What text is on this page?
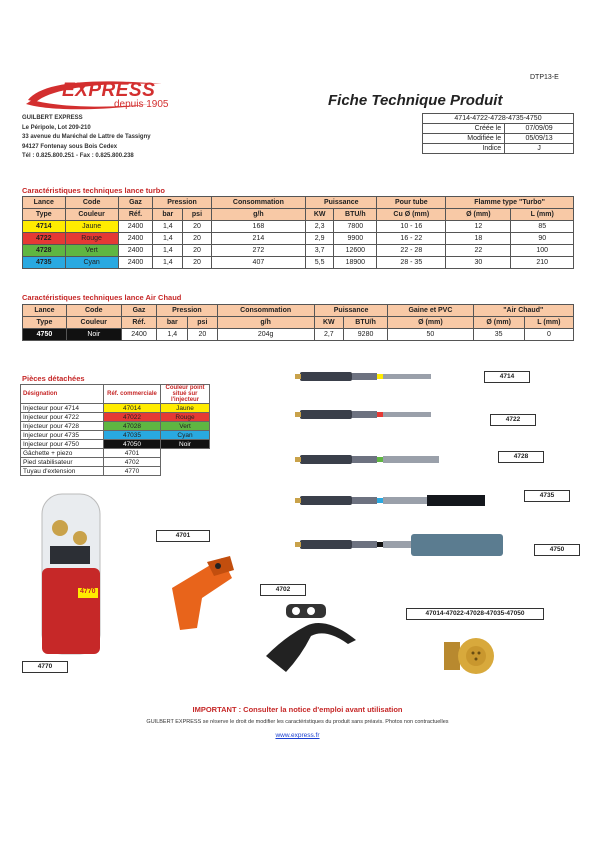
DTP13-E
EXPRESS
depuis 1905	Fiche Technique Produit
GUILBERT EXPRESS
Le Péripole, Lot 209-210
33 avenue du Maréchal de Lattre de Tassigny
94127 Fontenay sous Bois Cedex
Tél : 0.825.800.251 - Fax : 0.825.800.238
4714-4722-4728-4735-4750	
Créée le	07/09/09
Modifiée le	05/09/13
Indice	J
Caractéristiques techniques lance turbo
Lance	Code	Gaz	Pression		Consommation	Puissance		Pour tube	Flamme type "Turbo"	
Type	Couleur	Réf.	bar	psi	g/h	KW	BTU/h	Cu Ø (mm)	Ø (mm)	L (mm)
4714	Jaune	2400	1,4	20	168	2,3	7800	10 - 16	12	85
4722	Rouge	2400	1,4	20	214	2,9	9900	16 - 22	18	90
4728	Vert	2400	1,4	20	272	3,7	12600	22 - 28	22	100
4735	Cyan	2400	1,4	20	407	5,5	18900	28 - 35	30	210
Caractéristiques techniques lance Air Chaud
Lance	Code	Gaz	Pression		Consommation	Puissance		Gaine et PVC	"Air Chaud"	
Type	Couleur	Réf.	bar	psi	g/h	KW	BTU/h	Ø (mm)	Ø (mm)	L (mm)
4750	Noir	2400	1,4	20	204g	2,7	9280	50	35	0
Pièces détachées
Désignation	Réf. commerciale	Couleur point situé sur l'injecteur
Injecteur pour 4714	47014	Jaune
Injecteur pour 4722	47022	Rouge
Injecteur pour 4728	47028	Vert
Injecteur pour 4735	47035	Cyan
Injecteur pour 4750	47050	Noir
Gâchette + piezo	4701	
Pied stabilisateur	4702	
Tuyau d'extension	4770	
4714
4722
4728
4735
4750
4770
4770
4701
4702
47014-47022-47028-47035-47050
IMPORTANT : Consulter la notice d'emploi avant utilisation
GUILBERT EXPRESS se réserve le droit de modifier les caractéristiques du produit sans préavis. Photos non contractuelles
www.express.fr
